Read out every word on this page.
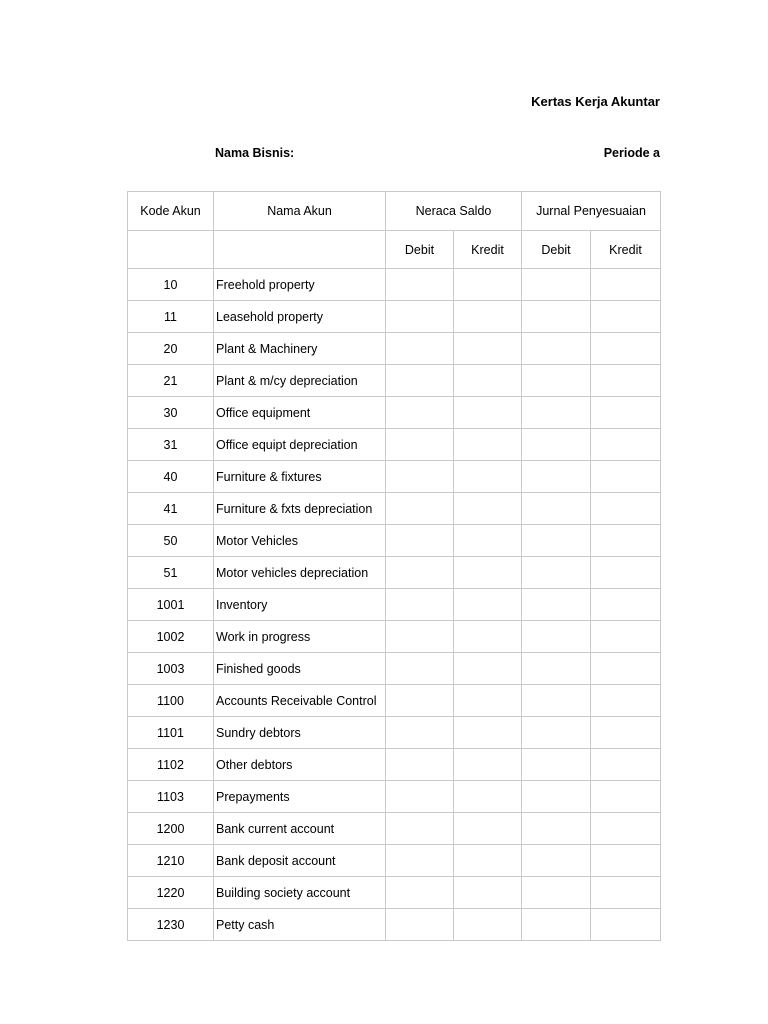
Kertas Kerja Akuntar
Nama Bisnis:	Periode a
Kode Akun	Nama Akun	Neraca Saldo		Jurnal Penyesuaian	
		Debit	Kredit	Debit	Kredit
10	Freehold property				
11	Leasehold property				
20	Plant & Machinery				
21	Plant & m/cy depreciation				
30	Office equipment				
31	Office equipt depreciation				
40	Furniture & fixtures				
41	Furniture & fxts depreciation				
50	Motor Vehicles				
51	Motor vehicles depreciation				
1001	Inventory				
1002	Work in progress				
1003	Finished goods				
1100	Accounts Receivable Control				
1101	Sundry debtors				
1102	Other debtors				
1103	Prepayments				
1200	Bank current account				
1210	Bank deposit account				
1220	Building society account				
1230	Petty cash				
